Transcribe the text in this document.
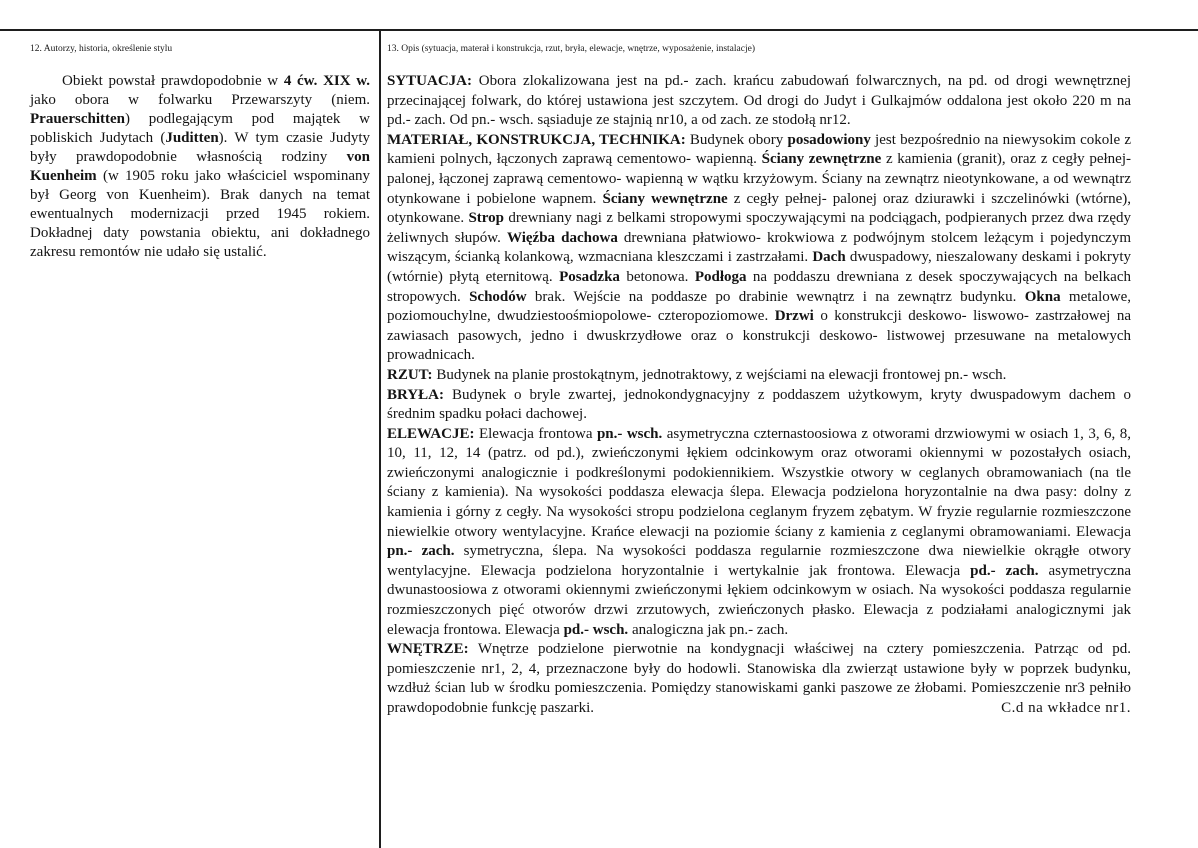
12. Autorzy, historia, określenie stylu

Obiekt powstał prawdopodobnie w 4 ćw. XIX w. jako obora w folwarku Przewarszyty (niem. Prauerschitten) podlegającym pod majątek w pobliskich Judytach (Juditten). W tym czasie Judyty były prawdopodobnie własnością rodziny von Kuenheim (w 1905 roku jako właściciel wspominany był Georg von Kuenheim). Brak danych na temat ewentualnych modernizacji przed 1945 rokiem. Dokładnej daty powstania obiektu, ani dokładnego zakresu remontów nie udało się ustalić.

13. Opis (sytuacja, materał i konstrukcja, rzut, bryła, elewacje, wnętrze, wyposażenie, instalacje)

SYTUACJA: Obora zlokalizowana jest na pd.- zach. krańcu zabudowań folwarcznych, na pd. od drogi wewnętrznej przecinającej folwark, do której ustawiona jest szczytem. Od drogi do Judyt i Gulkajmów oddalona jest około 220 m na pd.- zach. Od pn.- wsch. sąsiaduje ze stajnią nr10, a od zach. ze stodołą nr12.

MATERIAŁ, KONSTRUKCJA, TECHNIKA: Budynek obory posadowiony jest bezpośrednio na niewysokim cokole z kamieni polnych, łączonych zaprawą cementowo- wapienną. Ściany zewnętrzne z kamienia (granit), oraz z cegły pełnej- palonej, łączonej zaprawą cementowo- wapienną w wątku krzyżowym. Ściany na zewnątrz nieotynkowane, a od wewnątrz otynkowane i pobielone wapnem. Ściany wewnętrzne z cegły pełnej- palonej oraz dziurawki i szczelinówki (wtórne), otynkowane. Strop drewniany nagi z belkami stropowymi spoczywającymi na podciągach, podpieranych przez dwa rzędy żeliwnych słupów. Więźba dachowa drewniana płatwiowo- krokwiowa z podwójnym stolcem leżącym i pojedynczym wiszącym, ścianką kolankową, wzmacniana kleszczami i zastrzałami. Dach dwuspadowy, nieszalowany deskami i pokryty (wtórnie) płytą eternitową. Posadzka betonowa. Podłoga na poddaszu drewniana z desek spoczywających na belkach stropowych. Schodów brak. Wejście na poddasze po drabinie wewnątrz i na zewnątrz budynku. Okna metalowe, poziomouchylne, dwudziestoośmiopolowe- czteropoziomowe. Drzwi o konstrukcji deskowo- liswowo- zastrzałowej na zawiasach pasowych, jedno i dwuskrzydłowe oraz o konstrukcji deskowo- listwowej przesuwane na metalowych prowadnicach.

RZUT: Budynek na planie prostokątnym, jednotraktowy, z wejściami na elewacji frontowej pn.- wsch.

BRYŁA: Budynek o bryle zwartej, jednokondygnacyjny z poddaszem użytkowym, kryty dwuspadowym dachem o średnim spadku połaci dachowej.

ELEWACJE: Elewacja frontowa pn.- wsch. asymetryczna czternastoosiowa z otworami drzwiowymi w osiach 1, 3, 6, 8, 10, 11, 12, 14 (patrz. od pd.), zwieńczonymi łękiem odcinkowym oraz otworami okiennymi w pozostałych osiach, zwieńczonymi analogicznie i podkreślonymi podokiennikiem. Wszystkie otwory w ceglanych obramowaniach (na tle ściany z kamienia). Na wysokości poddasza elewacja ślepa. Elewacja podzielona horyzontalnie na dwa pasy: dolny z kamienia i górny z cegły. Na wysokości stropu podzielona ceglanym fryzem zębatym. W fryzie regularnie rozmieszczone niewielkie otwory wentylacyjne. Krańce elewacji na poziomie ściany z kamienia z ceglanymi obramowaniami. Elewacja pn.- zach. symetryczna, ślepa. Na wysokości poddasza regularnie rozmieszczone dwa niewielkie okrągłe otwory wentylacyjne. Elewacja podzielona horyzontalnie i wertykalnie jak frontowa. Elewacja pd.- zach. asymetryczna dwunastoosiowa z otworami okiennymi zwieńczonymi łękiem odcinkowym w osiach. Na wysokości poddasza regularnie rozmieszczonych pięć otworów drzwi zrzutowych, zwieńczonych płasko. Elewacja z podziałami analogicznymi jak elewacja frontowa. Elewacja pd.- wsch. analogiczna jak pn.- zach.

WNĘTRZE: Wnętrze podzielone pierwotnie na kondygnacji właściwej na cztery pomieszczenia. Patrząc od pd. pomieszczenie nr1, 2, 4, przeznaczone były do hodowli. Stanowiska dla zwierząt ustawione były w poprzek budynku, wzdłuż ścian lub w środku pomieszczenia. Pomiędzy stanowiskami ganki paszowe ze żłobami. Pomieszczenie nr3 pełniło prawdopodobnie funkcję paszarki.	C.d na wkładce nr1.
